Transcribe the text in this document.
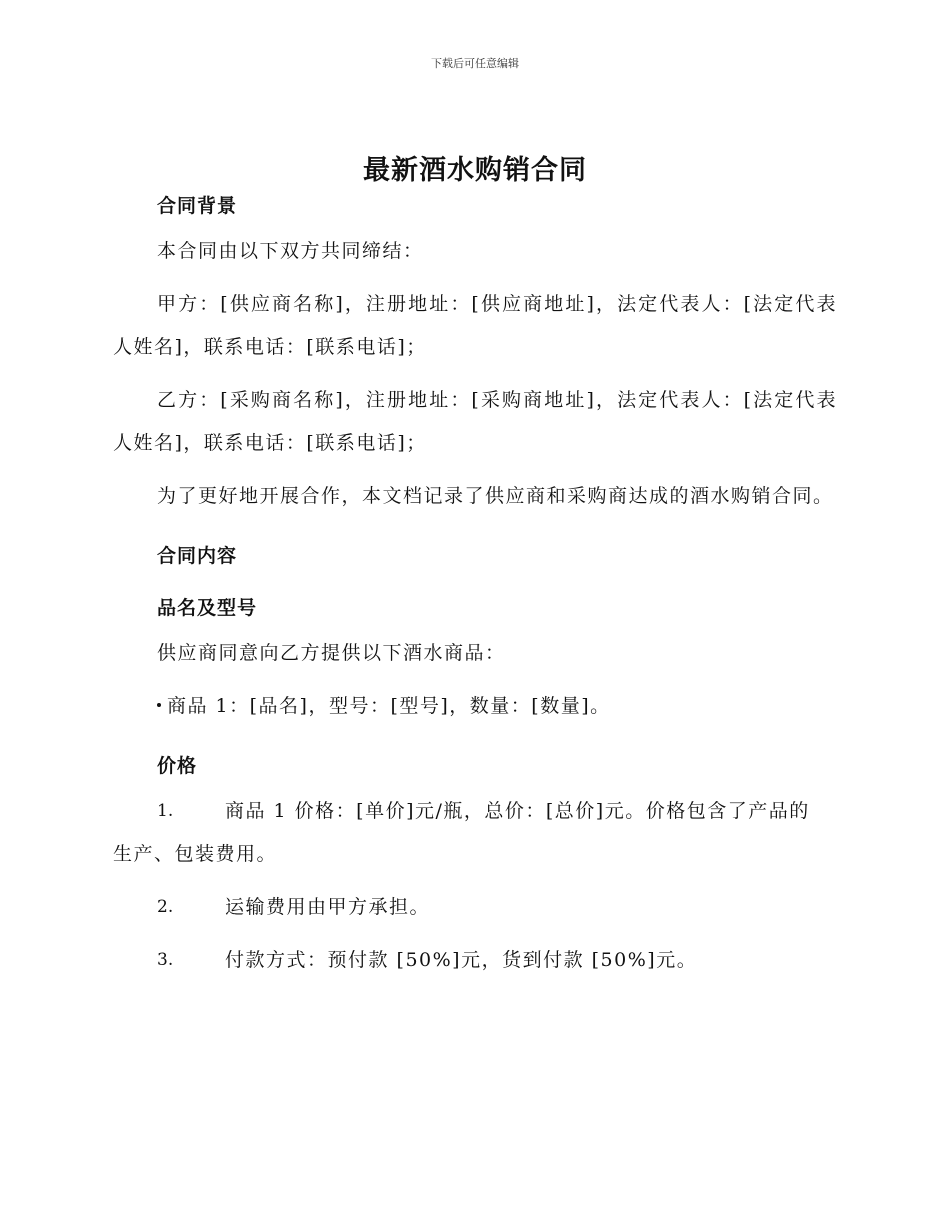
下载后可任意编辑
最新酒水购销合同
合同背景

本合同由以下双方共同缔结：

甲方：[供应商名称]，注册地址：[供应商地址]，法定代表人：[法定代表人姓名]，联系电话：[联系电话]；

乙方：[采购商名称]，注册地址：[采购商地址]，法定代表人：[法定代表人姓名]，联系电话：[联系电话]；

为了更好地开展合作，本文档记录了供应商和采购商达成的酒水购销合同。

合同内容
品名及型号

供应商同意向乙方提供以下酒水商品：

商品 1：[品名]，型号：[型号]，数量：[数量]。

价格
1.	商品 1 价格：[单价]元/瓶，总价：[总价]元。价格包含了产品的
生产、包装费用。
2.	运输费用由甲方承担。
3.	付款方式：预付款 [50%]元，货到付款 [50%]元。
